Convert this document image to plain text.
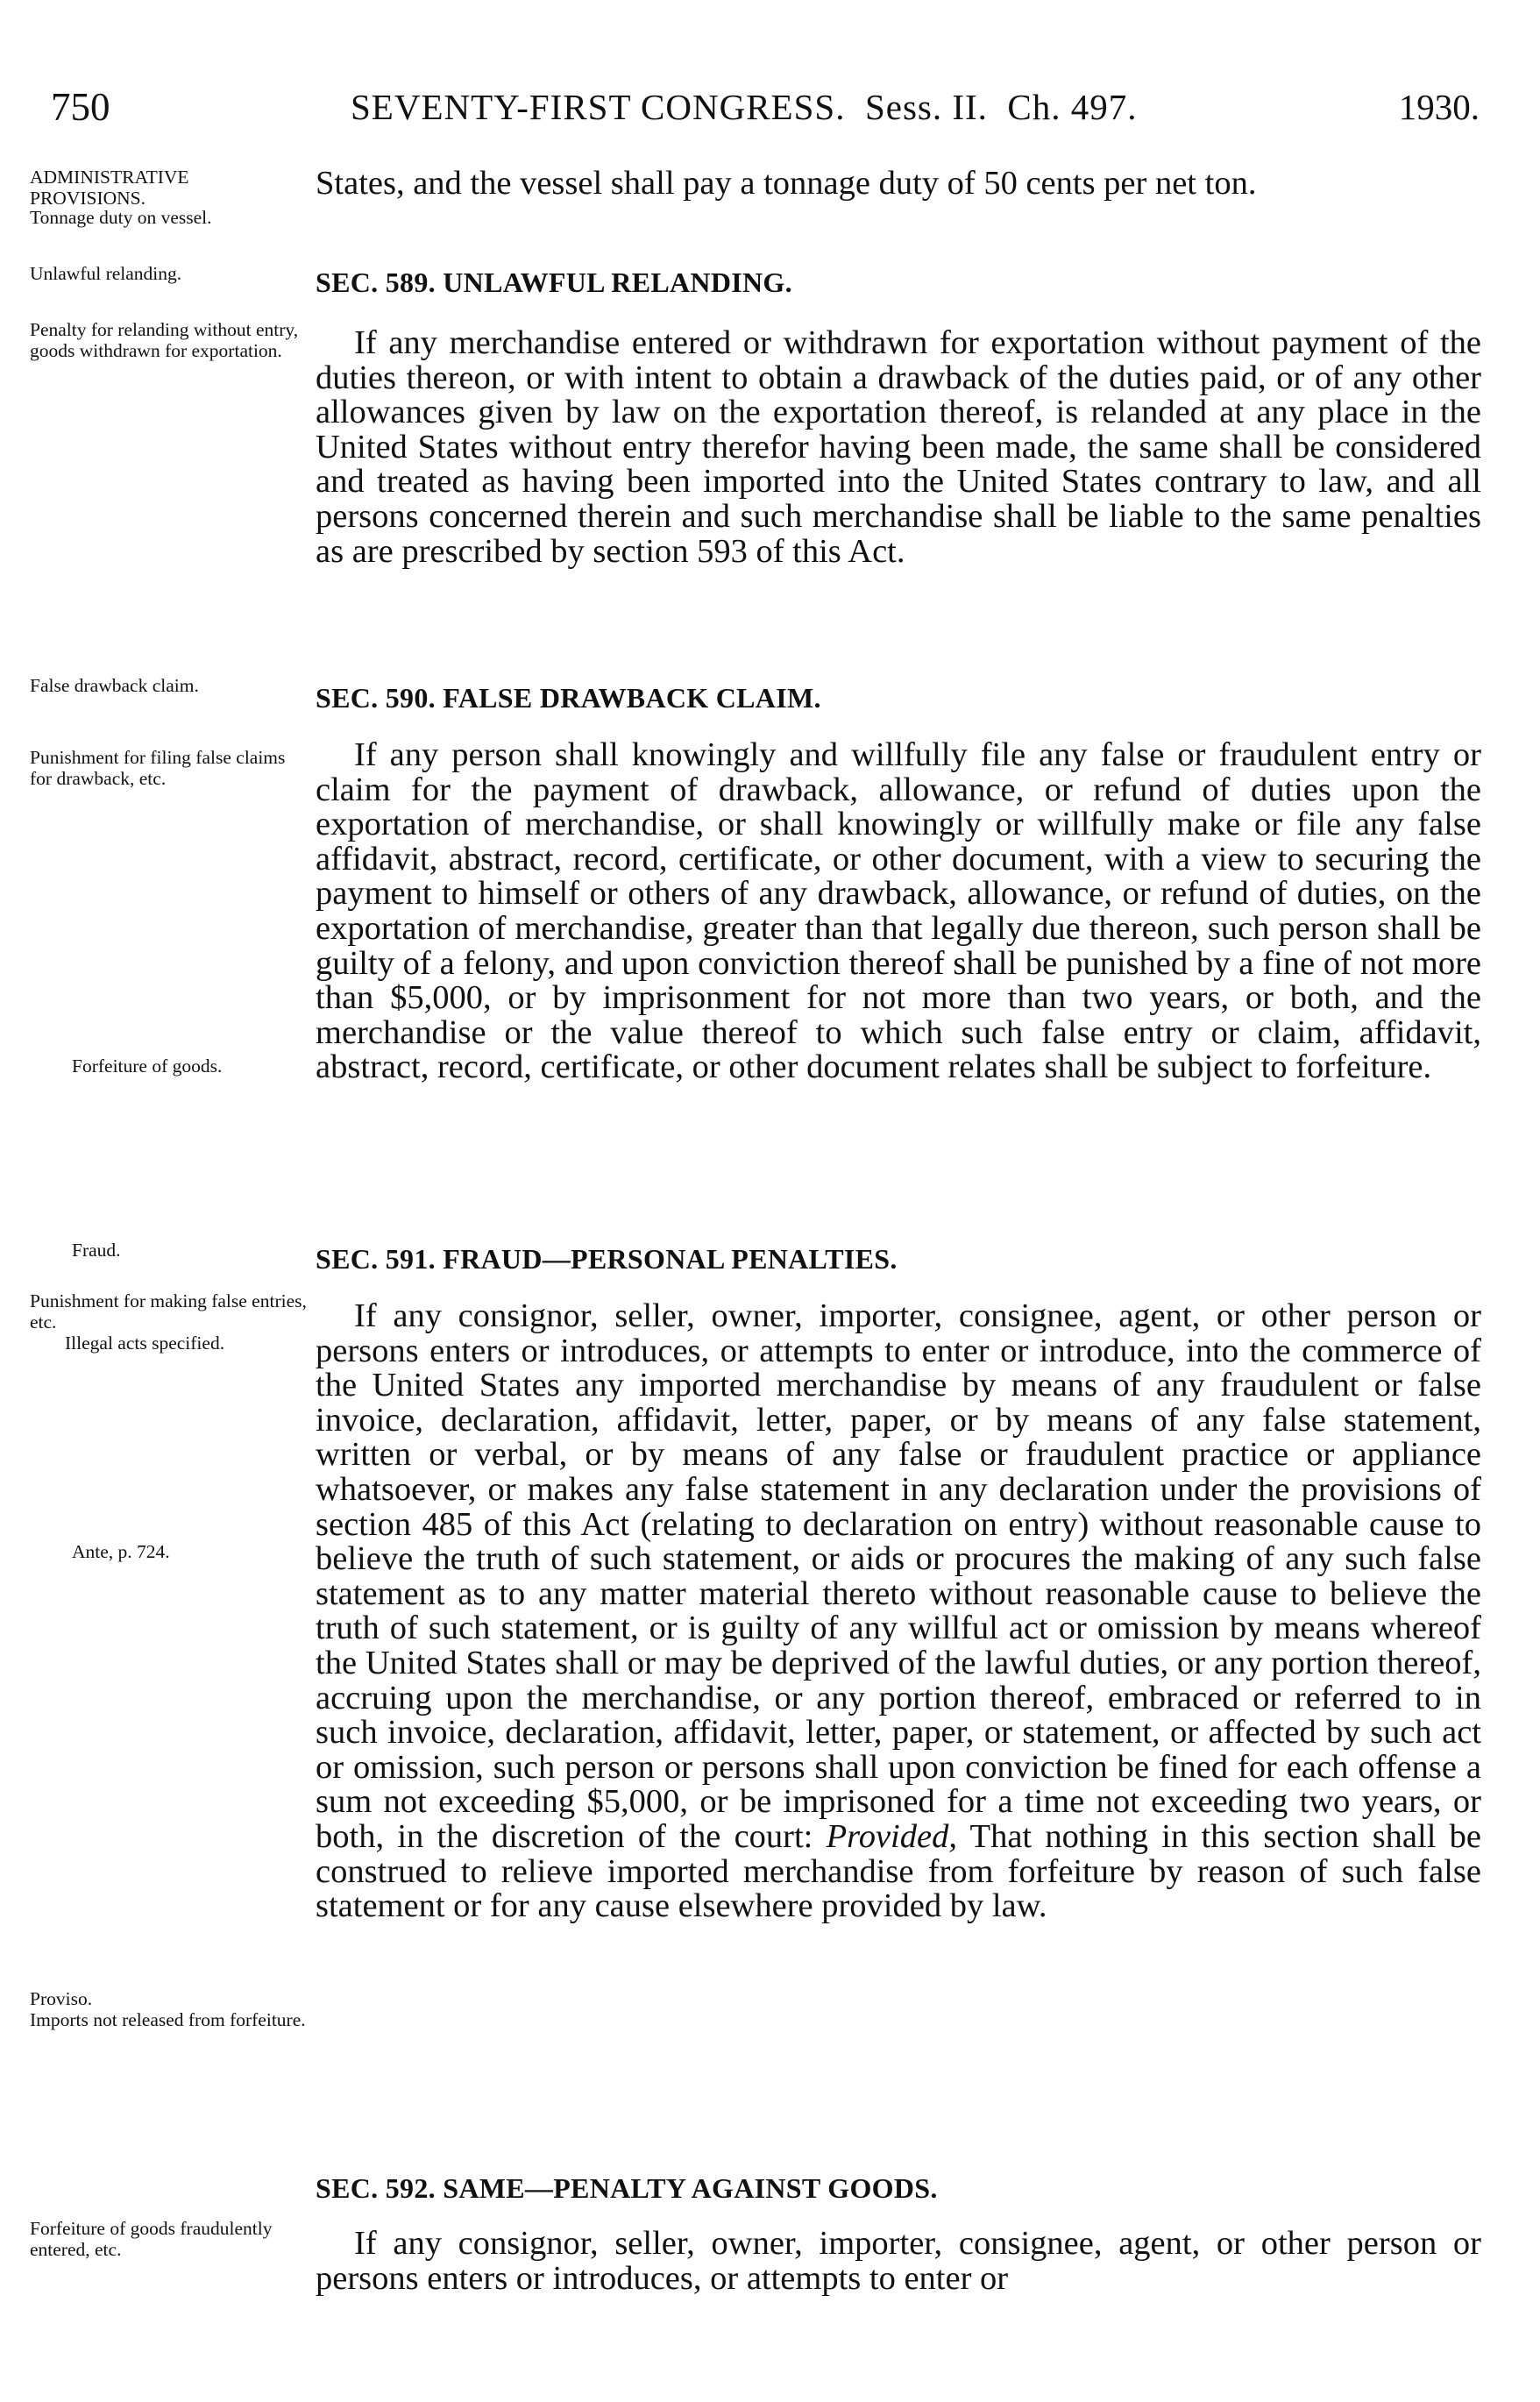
750	SEVENTY-FIRST CONGRESS. Sess. II. Ch. 497.	1930.
ADMINISTRATIVE PROVISIONS.
Tonnage duty on vessel.
Unlawful relanding.
Penalty for relanding without entry, goods withdrawn for exportation.
False drawback claim.
Punishment for filing false claims for drawback, etc.
Forfeiture of goods.
Fraud.
Punishment for making false entries, etc.
Illegal acts specified.
Ante, p. 724.
Proviso.
Imports not released from forfeiture.
Forfeiture of goods fraudulently entered, etc.
States, and the vessel shall pay a tonnage duty of 50 cents per net ton.
SEC. 589. UNLAWFUL RELANDING.
If any merchandise entered or withdrawn for exportation without payment of the duties thereon, or with intent to obtain a drawback of the duties paid, or of any other allowances given by law on the exportation thereof, is relanded at any place in the United States without entry therefor having been made, the same shall be considered and treated as having been imported into the United States contrary to law, and all persons concerned therein and such merchandise shall be liable to the same penalties as are prescribed by section 593 of this Act.
SEC. 590. FALSE DRAWBACK CLAIM.
If any person shall knowingly and willfully file any false or fraudulent entry or claim for the payment of drawback, allowance, or refund of duties upon the exportation of merchandise, or shall knowingly or willfully make or file any false affidavit, abstract, record, certificate, or other document, with a view to securing the payment to himself or others of any drawback, allowance, or refund of duties, on the exportation of merchandise, greater than that legally due thereon, such person shall be guilty of a felony, and upon conviction thereof shall be punished by a fine of not more than $5,000, or by imprisonment for not more than two years, or both, and the merchandise or the value thereof to which such false entry or claim, affidavit, abstract, record, certificate, or other document relates shall be subject to forfeiture.
SEC. 591. FRAUD—PERSONAL PENALTIES.
If any consignor, seller, owner, importer, consignee, agent, or other person or persons enters or introduces, or attempts to enter or introduce, into the commerce of the United States any imported merchandise by means of any fraudulent or false invoice, declaration, affidavit, letter, paper, or by means of any false statement, written or verbal, or by means of any false or fraudulent practice or appliance whatsoever, or makes any false statement in any declaration under the provisions of section 485 of this Act (relating to declaration on entry) without reasonable cause to believe the truth of such statement, or aids or procures the making of any such false statement as to any matter material thereto without reasonable cause to believe the truth of such statement, or is guilty of any willful act or omission by means whereof the United States shall or may be deprived of the lawful duties, or any portion thereof, accruing upon the merchandise, or any portion thereof, embraced or referred to in such invoice, declaration, affidavit, letter, paper, or statement, or affected by such act or omission, such person or persons shall upon conviction be fined for each offense a sum not exceeding $5,000, or be imprisoned for a time not exceeding two years, or both, in the discretion of the court: Provided, That nothing in this section shall be construed to relieve imported merchandise from forfeiture by reason of such false statement or for any cause elsewhere provided by law.
SEC. 592. SAME—PENALTY AGAINST GOODS.
If any consignor, seller, owner, importer, consignee, agent, or other person or persons enters or introduces, or attempts to enter or
